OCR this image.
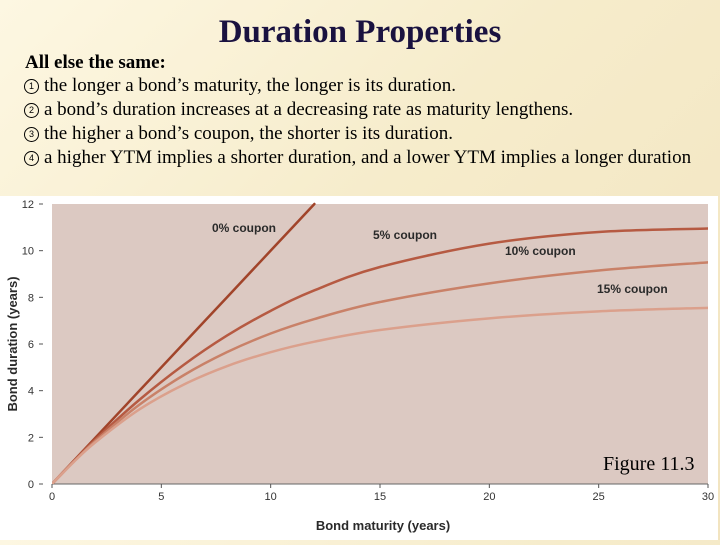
Duration Properties
All else the same:
1 the longer a bond’s maturity, the longer is its duration.
2 a bond’s duration increases at a decreasing rate as maturity lengthens.
3 the higher a bond’s coupon, the shorter is its duration.
4 a higher YTM implies a shorter duration, and a lower YTM implies a longer duration
0
2
4
6
8
10
12
0	5	10	15	20	25	30
0% coupon	5% coupon
10% coupon
15% coupon
Bond maturity (years)
Bond duration (years)
Figure 11.3
